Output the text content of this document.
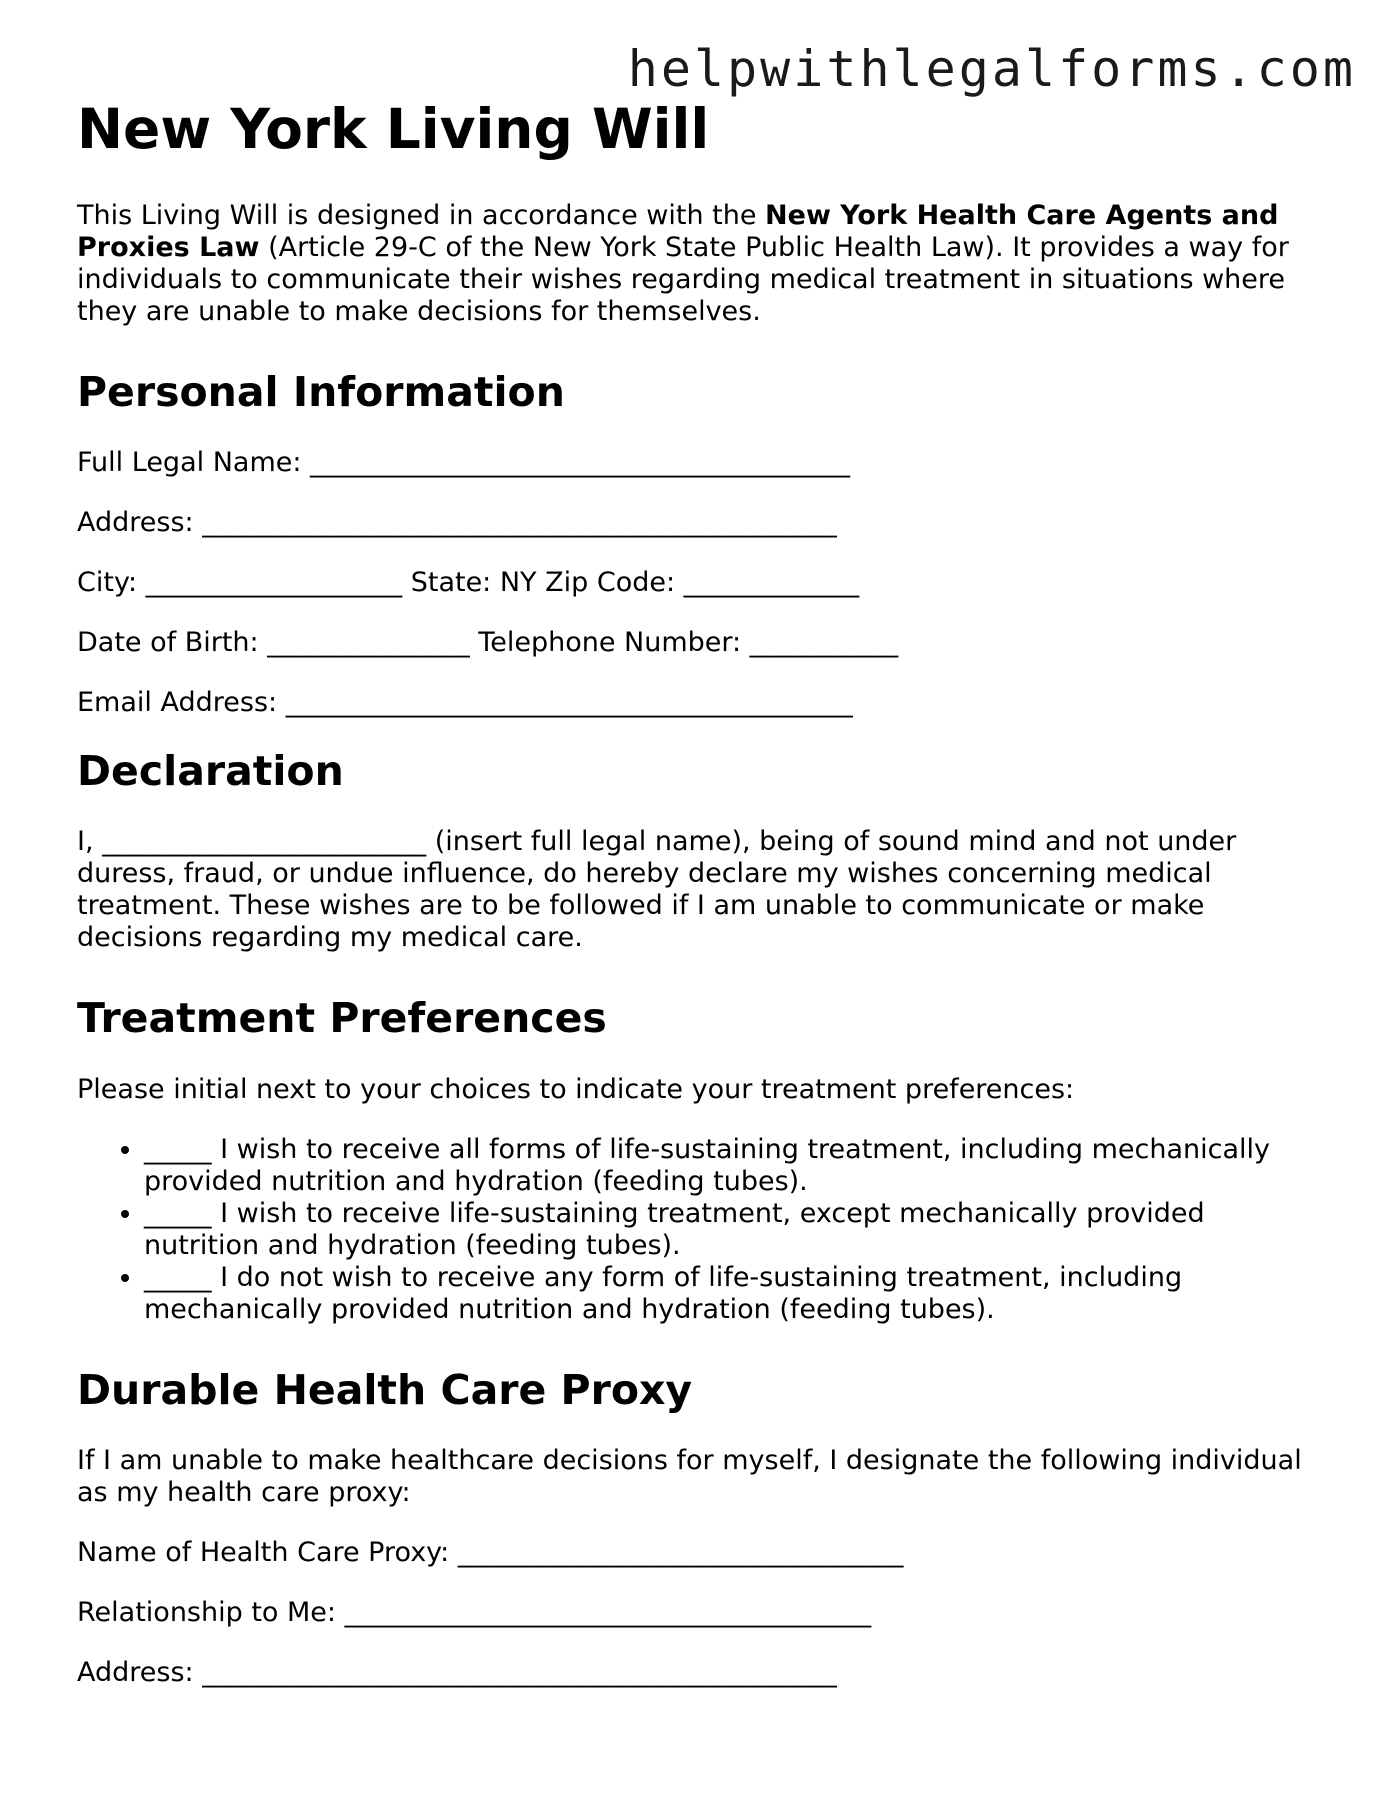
helpwithlegalforms.com
New York Living Will

This Living Will is designed in accordance with the New York Health Care Agents and Proxies Law (Article 29-C of the New York State Public Health Law). It provides a way for individuals to communicate their wishes regarding medical treatment in situations where they are unable to make decisions for themselves.

Personal Information

Full Legal Name: ________________________________________

Address: _______________________________________________

City: ___________________ State: NY Zip Code: _____________

Date of Birth: _______________ Telephone Number: ___________

Email Address: __________________________________________

Declaration

I, ________________________ (insert full legal name), being of sound mind and not under duress, fraud, or undue influence, do hereby declare my wishes concerning medical treatment. These wishes are to be followed if I am unable to communicate or make decisions regarding my medical care.

Treatment Preferences

Please initial next to your choices to indicate your treatment preferences:

• _____ I wish to receive all forms of life-sustaining treatment, including mechanically provided nutrition and hydration (feeding tubes).
• _____ I wish to receive life-sustaining treatment, except mechanically provided nutrition and hydration (feeding tubes).
• _____ I do not wish to receive any form of life-sustaining treatment, including mechanically provided nutrition and hydration (feeding tubes).
Durable Health Care Proxy

If I am unable to make healthcare decisions for myself, I designate the following individual as my health care proxy:

Name of Health Care Proxy: _________________________________

Relationship to Me: _______________________________________

Address: _______________________________________________
